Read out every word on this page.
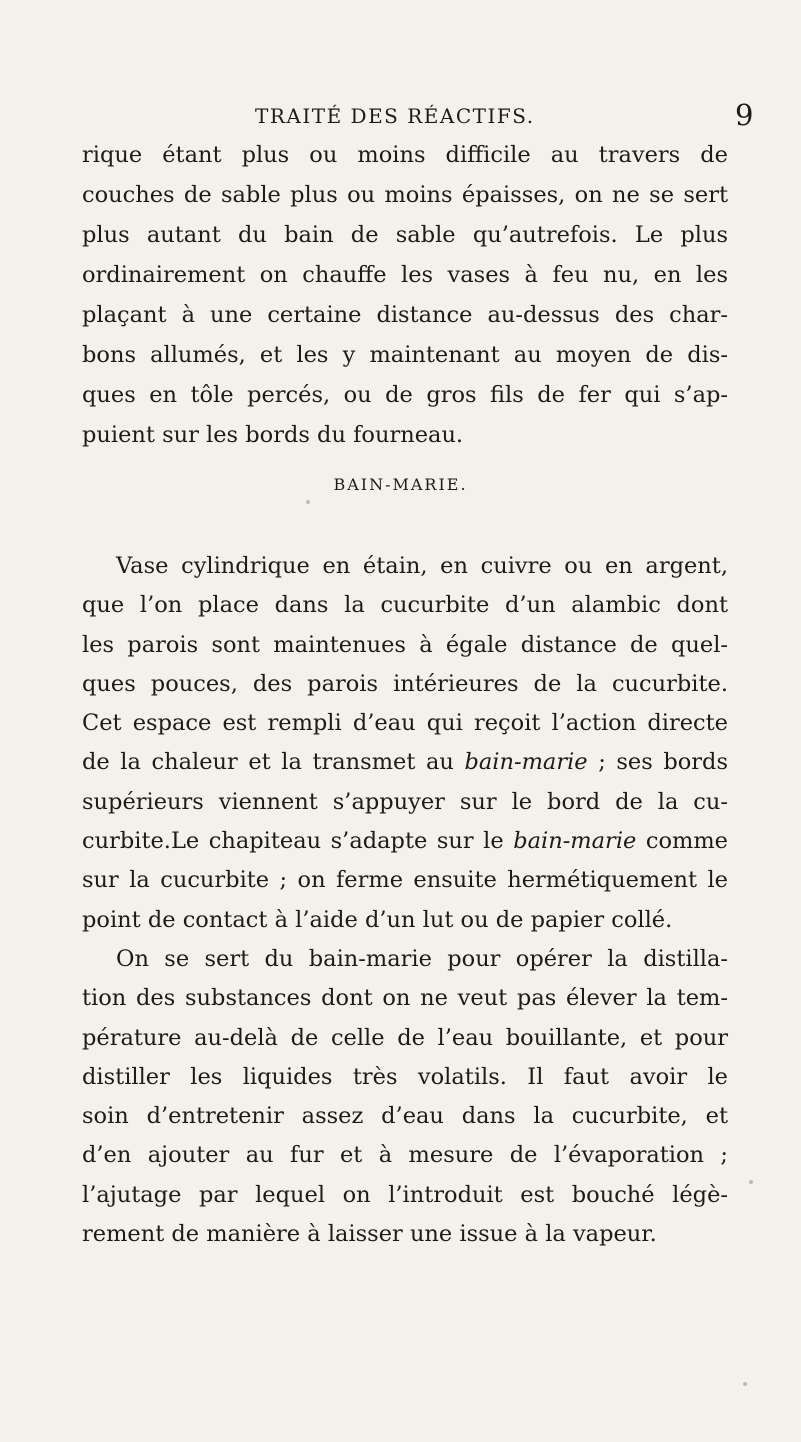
TRAITÉ DES RÉACTIFS.	9
rique étant plus ou moins difficile au travers de
couches de sable plus ou moins épaisses, on ne se sert
plus autant du bain de sable qu’autrefois. Le plus
ordinairement on chauffe les vases à feu nu, en les
plaçant à une certaine distance au-dessus des char-
bons allumés, et les y maintenant au moyen de dis-
ques en tôle percés, ou de gros fils de fer qui s’ap-
puient sur les bords du fourneau.
BAIN-MARIE.
Vase cylindrique en étain, en cuivre ou en argent,
que l’on place dans la cucurbite d’un alambic dont
les parois sont maintenues à égale distance de quel-
ques pouces, des parois intérieures de la cucurbite.
Cet espace est rempli d’eau qui reçoit l’action directe
de la chaleur et la transmet au bain-marie ; ses bords
supérieurs viennent s’appuyer sur le bord de la cu-
curbite.Le chapiteau s’adapte sur le bain-marie comme
sur la cucurbite ; on ferme ensuite hermétiquement le
point de contact à l’aide d’un lut ou de papier collé.
On se sert du bain-marie pour opérer la distilla-
tion des substances dont on ne veut pas élever la tem-
pérature au-delà de celle de l’eau bouillante, et pour
distiller les liquides très volatils. Il faut avoir le
soin d’entretenir assez d’eau dans la cucurbite, et
d’en ajouter au fur et à mesure de l’évaporation ;
l’ajutage par lequel on l’introduit est bouché légè-
rement de manière à laisser une issue à la vapeur.
